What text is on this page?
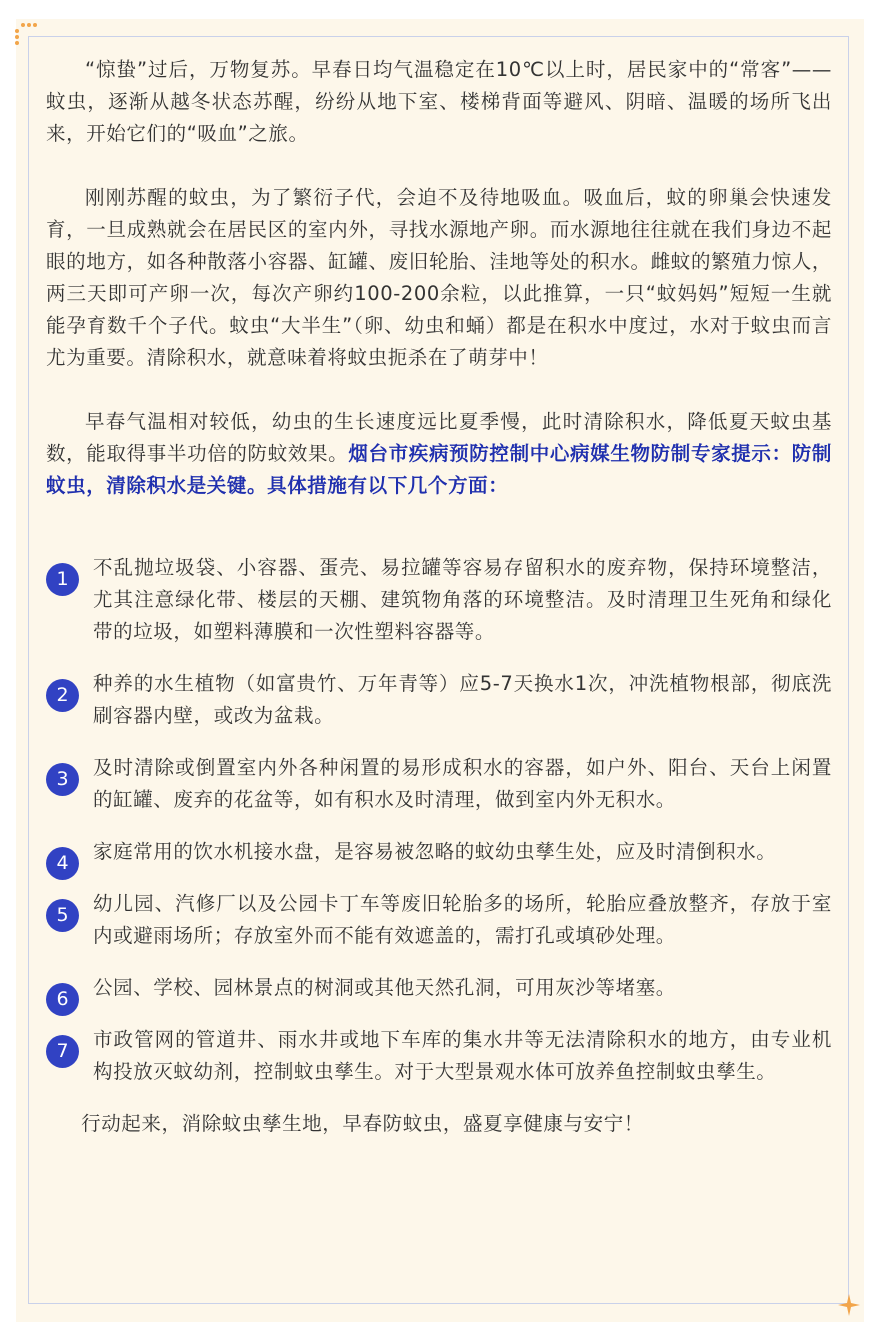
“惊蛰”过后，万物复苏。早春日均气温稳定在10℃以上时，居民家中的“常客”——蚊虫，逐渐从越冬状态苏醒，纷纷从地下室、楼梯背面等避风、阴暗、温暖的场所飞出来，开始它们的“吸血”之旅。

刚刚苏醒的蚊虫，为了繁衍子代，会迫不及待地吸血。吸血后，蚊的卵巢会快速发育，一旦成熟就会在居民区的室内外，寻找水源地产卵。而水源地往往就在我们身边不起眼的地方，如各种散落小容器、缸罐、废旧轮胎、洼地等处的积水。雌蚊的繁殖力惊人，两三天即可产卵一次，每次产卵约100-200余粒，以此推算，一只“蚊妈妈”短短一生就能孕育数千个子代。蚊虫“大半生”（卵、幼虫和蛹）都是在积水中度过，水对于蚊虫而言尤为重要。清除积水，就意味着将蚊虫扼杀在了萌芽中！

早春气温相对较低，幼虫的生长速度远比夏季慢，此时清除积水，降低夏天蚊虫基数，能取得事半功倍的防蚊效果。烟台市疾病预防控制中心病媒生物防制专家提示：防制蚊虫，清除积水是关键。具体措施有以下几个方面：

1	不乱抛垃圾袋、小容器、蛋壳、易拉罐等容易存留积水的废弃物，保持环境整洁，尤其注意绿化带、楼层的天棚、建筑物角落的环境整洁。及时清理卫生死角和绿化带的垃圾，如塑料薄膜和一次性塑料容器等。
2	种养的水生植物（如富贵竹、万年青等）应5-7天换水1次，冲洗植物根部，彻底洗刷容器内壁，或改为盆栽。
3	及时清除或倒置室内外各种闲置的易形成积水的容器，如户外、阳台、天台上闲置的缸罐、废弃的花盆等，如有积水及时清理，做到室内外无积水。
4	家庭常用的饮水机接水盘，是容易被忽略的蚊幼虫孳生处，应及时清倒积水。
5	幼儿园、汽修厂以及公园卡丁车等废旧轮胎多的场所，轮胎应叠放整齐，存放于室内或避雨场所；存放室外而不能有效遮盖的，需打孔或填砂处理。
6	公园、学校、园林景点的树洞或其他天然孔洞，可用灰沙等堵塞。
7	市政管网的管道井、雨水井或地下车库的集水井等无法清除积水的地方，由专业机构投放灭蚊幼剂，控制蚊虫孳生。对于大型景观水体可放养鱼控制蚊虫孳生。

行动起来，消除蚊虫孳生地，早春防蚊虫，盛夏享健康与安宁！
